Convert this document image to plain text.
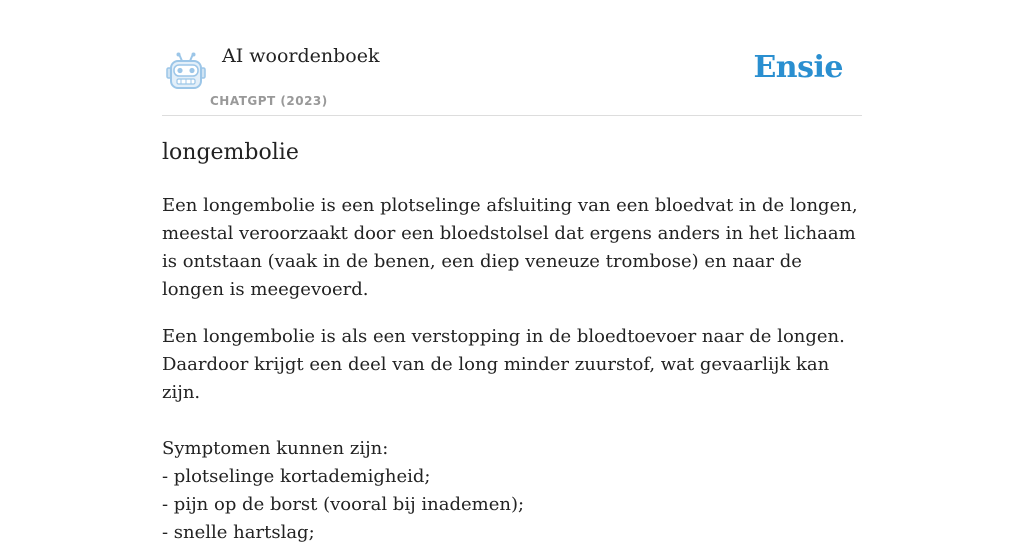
AI woordenboek
CHATGPT (2023)
Ensie
longembolie

Een longembolie is een plotselinge afsluiting van een bloedvat in de longen, meestal veroorzaakt door een bloedstolsel dat ergens anders in het lichaam is ontstaan (vaak in de benen, een diep veneuze trombose) en naar de longen is meegevoerd.

Een longembolie is als een verstopping in de bloedtoevoer naar de longen. Daardoor krijgt een deel van de long minder zuurstof, wat gevaarlijk kan zijn.

Symptomen kunnen zijn:
- plotselinge kortademigheid;
- pijn op de borst (vooral bij inademen);
- snelle hartslag;
